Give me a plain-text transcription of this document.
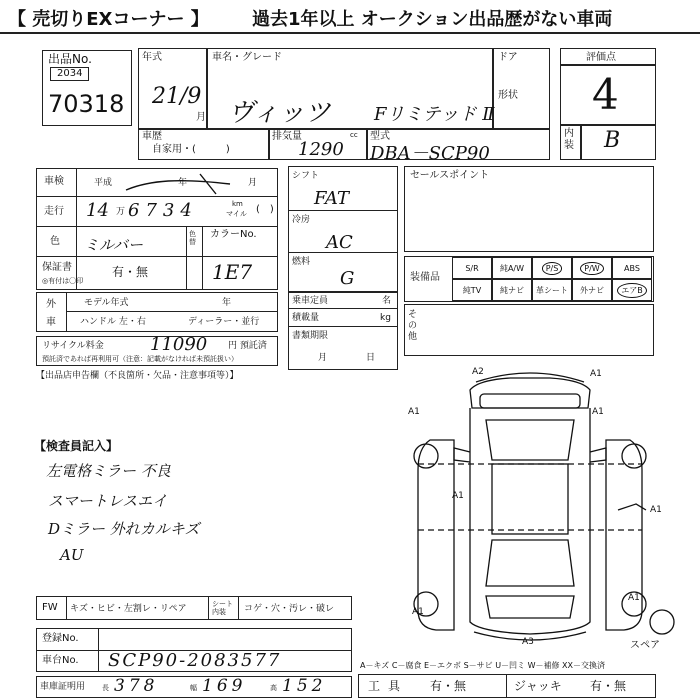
【 売切りEXコーナー 】 過去1年以上 オークション出品歴がない車両
出品No.
2034
70318
年式
21/9
月
車名・グレード
ヴィッツ Fリミテッド Ⅱ
ドア
形状
車歴
自家用・(　　　)
排気量	cc
1290
型式
DBA－SCP90
評価点
4
内装 B
車検	平成	年	月
走行 14 万 6734	km
マイル (　)
色 ミルバー
色替
カラーNo.
1E7
保証書
◎有付は〇印
有・無
外車
モデル年式	年
ハンドル 左・右	ディーラー・並行
リサイクル料金	11090 円 預託済
預託済であれば再利用可（注意：記載がなければ未預託扱い）
シフト
FAT
冷房
AC
燃料
G
乗車定員	名
積載量	kg
書類期限
月	日
セールスポイント
装備品
S/R	純A/W	P/S	P/W	ABS
純TV 純ナビ 革シート 外ナビ	エアB
その他
【出品店申告欄（不良箇所・欠品・注意事項等）】
【検査員記入】
左電格ミラー 不良
スマートレスエイ
Dミラー 外れカルキズ
AU
FW キズ・ヒビ・左割レ・リペア	シート内装	コゲ・穴・汚レ・破レ
登録No.
車台No. SCP90-2083577
車庫証明用 長 378	幅 169	高 152
A2	A1
A1	A1
A1
A1
A1
A3
A1
スペア
A－キズ C－腐食 E－エクボ S－サビ U－凹ミ W－補修 XX－交換済
工具 有・無	ジャッキ 有・無
